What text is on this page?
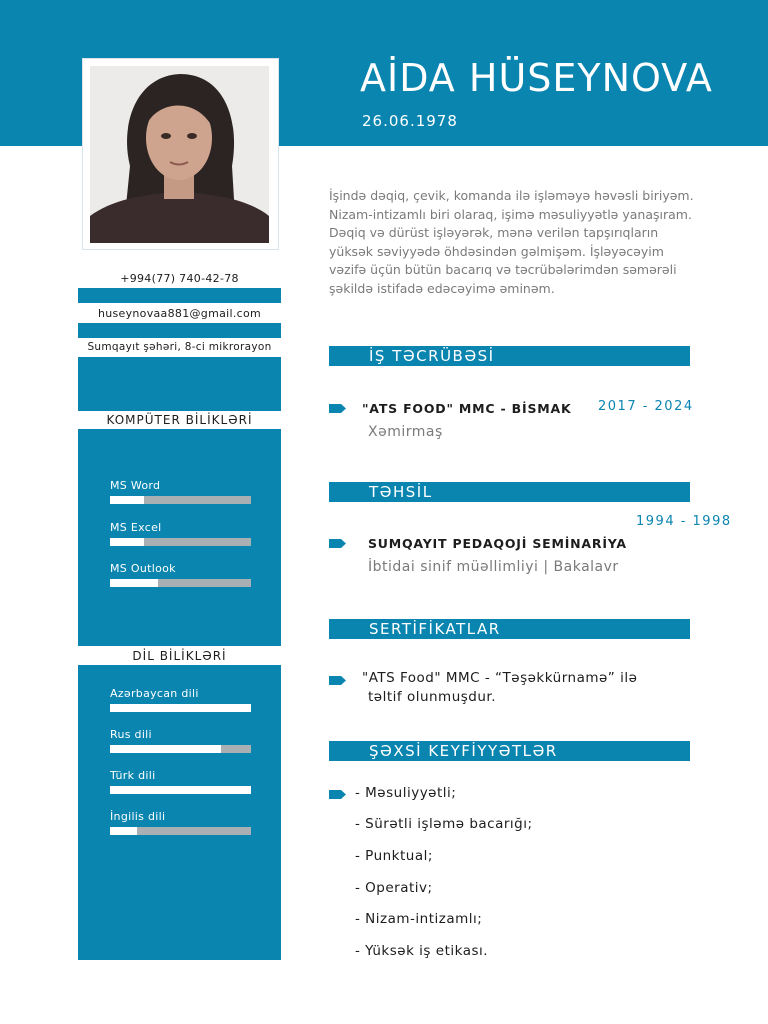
AİDA HÜSEYNOVA
26.06.1978
+994(77) 740-42-78
huseynovaa881@gmail.com
Sumqayıt şəhəri, 8-ci mikrorayon
KOMPÜTER BİLİKLƏRİ
MS Word
MS Excel
MS Outlook
DİL BİLİKLƏRİ
Azərbaycan dili
Rus dili
Türk dili
İngilis dili
İşində dəqiq, çevik, komanda ilə işləməyə həvəsli biriyəm.
Nizam-intizamlı biri olaraq, işimə məsuliyyətlə yanaşıram.
Dəqiq və dürüst işləyərək, mənə verilən tapşırıqların
yüksək səviyyədə öhdəsindən gəlmişəm. İşləyəcəyim
vəzifə üçün bütün bacarıq və təcrübələrimdən səmərəli
şəkildə istifadə edəcəyimə əminəm.
İŞ TƏCRÜBƏSİ
"ATS FOOD" MMC - BİSMAK 2017 - 2024
Xəmirmaş
TƏHSİL
1994 - 1998
SUMQAYIT PEDAQOJİ SEMİNARİYA
İbtidai sinif müəllimliyi | Bakalavr
SERTİFİKATLAR
"ATS Food" MMC - “Təşəkkürnamə” ilə
təltif olunmuşdur.
ŞƏXSİ KEYFİYYƏTLƏR
- Məsuliyyətli;
- Sürətli işləmə bacarığı;
- Punktual;
- Operativ;
- Nizam-intizamlı;
- Yüksək iş etikası.
